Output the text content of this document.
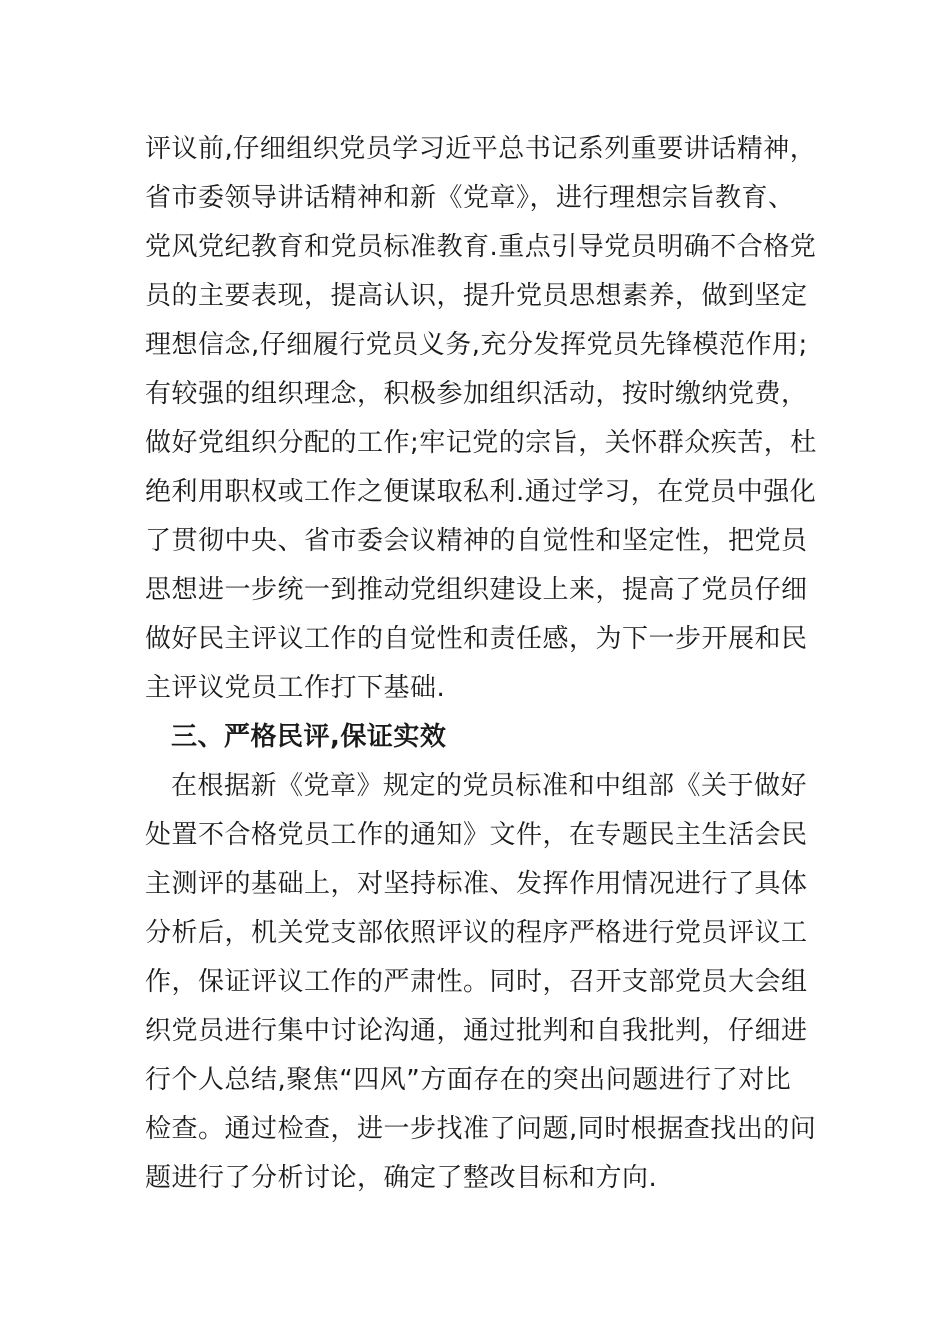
评议前,仔细组织党员学习近平总书记系列重要讲话精神，
省市委领导讲话精神和新《党章》，进行理想宗旨教育、
党风党纪教育和党员标准教育.重点引导党员明确不合格党
员的主要表现，提高认识，提升党员思想素养，做到坚定
理想信念,仔细履行党员义务,充分发挥党员先锋模范作用;
有较强的组织理念，积极参加组织活动，按时缴纳党费，
做好党组织分配的工作;牢记党的宗旨，关怀群众疾苦，杜
绝利用职权或工作之便谋取私利.通过学习，在党员中强化
了贯彻中央、省市委会议精神的自觉性和坚定性，把党员
思想进一步统一到推动党组织建设上来，提高了党员仔细
做好民主评议工作的自觉性和责任感，为下一步开展和民
主评议党员工作打下基础.
三、严格民评,保证实效
在根据新《党章》规定的党员标准和中组部《关于做好
处置不合格党员工作的通知》文件，在专题民主生活会民
主测评的基础上，对坚持标准、发挥作用情况进行了具体
分析后，机关党支部依照评议的程序严格进行党员评议工
作，保证评议工作的严肃性。同时，召开支部党员大会组
织党员进行集中讨论沟通，通过批判和自我批判，仔细进
行个人总结,聚焦“四风”方面存在的突出问题进行了对比
检查。通过检查，进一步找准了问题,同时根据查找出的问
题进行了分析讨论，确定了整改目标和方向.
